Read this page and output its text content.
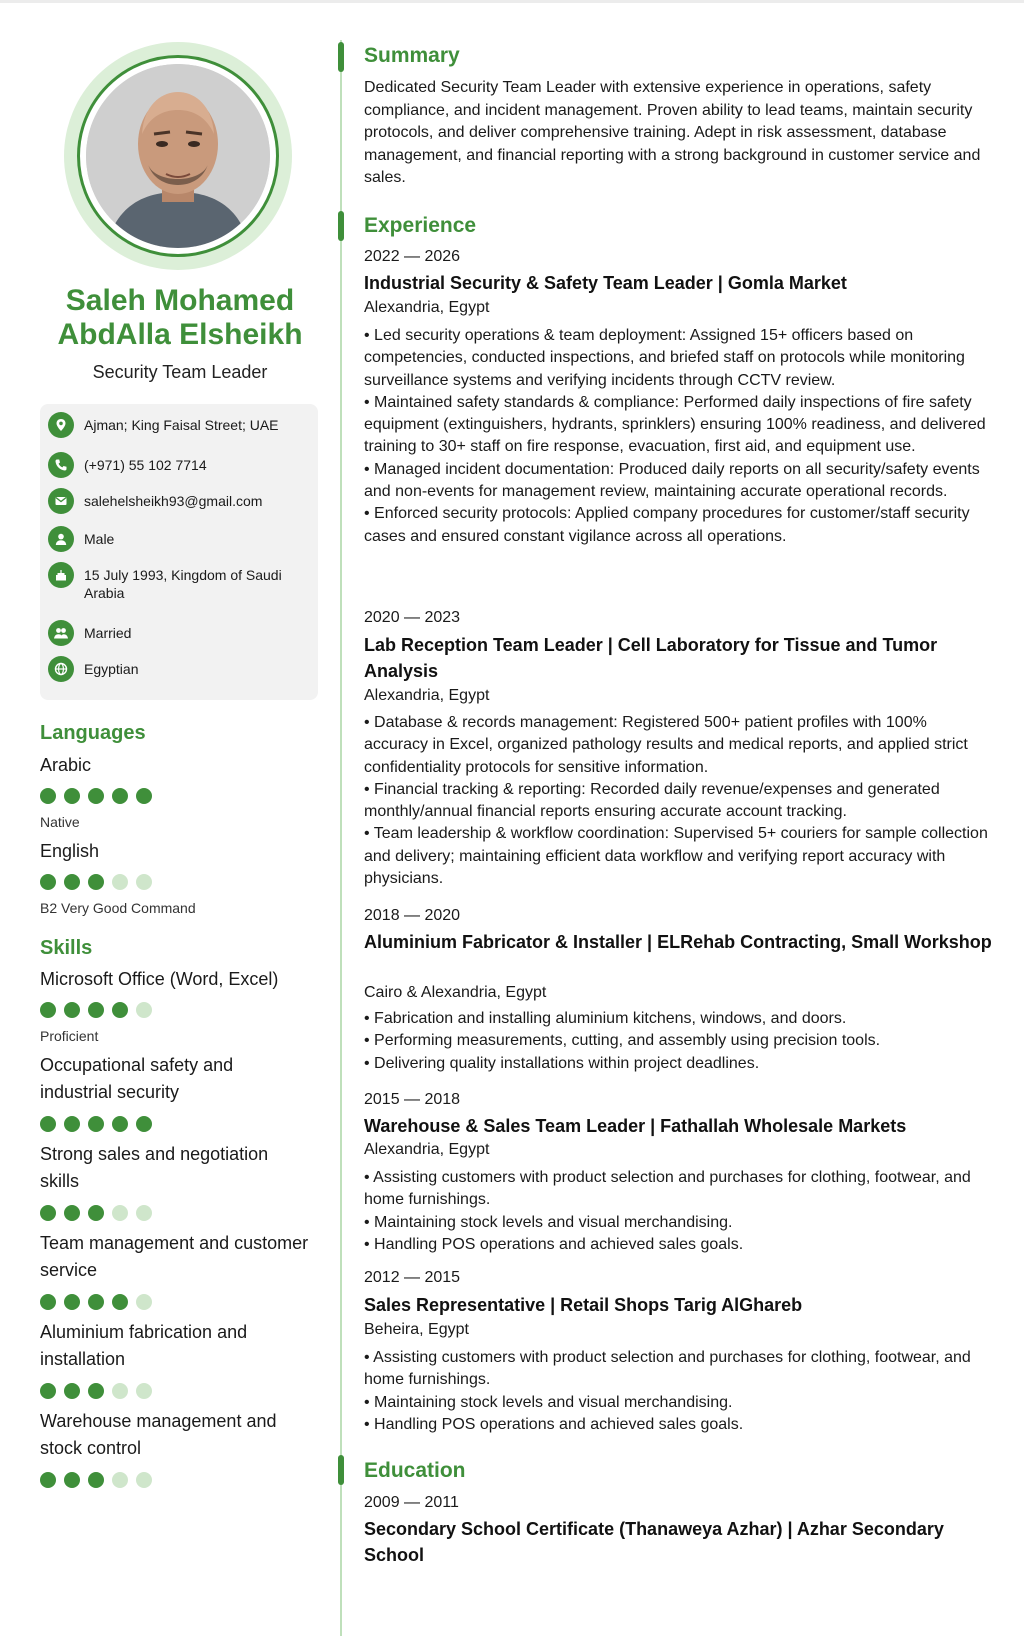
Saleh Mohamed
AbdAlla Elsheikh
Security Team Leader
Ajman; King Faisal Street; UAE
(+971) 55 102 7714
salehelsheikh93@gmail.com
Male
15 July 1993, Kingdom of Saudi Arabia
Married
Egyptian
Languages
Arabic
Native
English
B2 Very Good Command
Skills
Microsoft Office (Word, Excel)
Proficient
Occupational safety and industrial security
Strong sales and negotiation skills
Team management and customer service
Aluminium fabrication and installation
Warehouse management and stock control
Summary
Dedicated Security Team Leader with extensive experience in operations, safety compliance, and incident management. Proven ability to lead teams, maintain security protocols, and deliver comprehensive training. Adept in risk assessment, database management, and financial reporting with a strong background in customer service and sales.
Experience
2022 — 2026
Industrial Security & Safety Team Leader | Gomla Market
Alexandria, Egypt
• Led security operations & team deployment: Assigned 15+ officers based on competencies, conducted inspections, and briefed staff on protocols while monitoring surveillance systems and verifying incidents through CCTV review.
• Maintained safety standards & compliance: Performed daily inspections of fire safety equipment (extinguishers, hydrants, sprinklers) ensuring 100% readiness, and delivered training to 30+ staff on fire response, evacuation, first aid, and equipment use.
• Managed incident documentation: Produced daily reports on all security/safety events and non-events for management review, maintaining accurate operational records.
• Enforced security protocols: Applied company procedures for customer/staff security cases and ensured constant vigilance across all operations.
2020 — 2023
Lab Reception Team Leader | Cell Laboratory for Tissue and Tumor Analysis
Alexandria, Egypt
• Database & records management: Registered 500+ patient profiles with 100% accuracy in Excel, organized pathology results and medical reports, and applied strict confidentiality protocols for sensitive information.
• Financial tracking & reporting: Recorded daily revenue/expenses and generated monthly/annual financial reports ensuring accurate account tracking.
• Team leadership & workflow coordination: Supervised 5+ couriers for sample collection and delivery; maintaining efficient data workflow and verifying report accuracy with physicians.
2018 — 2020
Aluminium Fabricator & Installer | ELRehab Contracting, Small Workshop
Cairo & Alexandria, Egypt
• Fabrication and installing aluminium kitchens, windows, and doors.
• Performing measurements, cutting, and assembly using precision tools.
• Delivering quality installations within project deadlines.
2015 — 2018
Warehouse & Sales Team Leader | Fathallah Wholesale Markets
Alexandria, Egypt
• Assisting customers with product selection and purchases for clothing, footwear, and home furnishings.
• Maintaining stock levels and visual merchandising.
• Handling POS operations and achieved sales goals.
2012 — 2015
Sales Representative | Retail Shops Tarig AlGhareb
Beheira, Egypt
• Assisting customers with product selection and purchases for clothing, footwear, and home furnishings.
• Maintaining stock levels and visual merchandising.
• Handling POS operations and achieved sales goals.
Education
2009 — 2011
Secondary School Certificate (Thanaweya Azhar) | Azhar Secondary School
